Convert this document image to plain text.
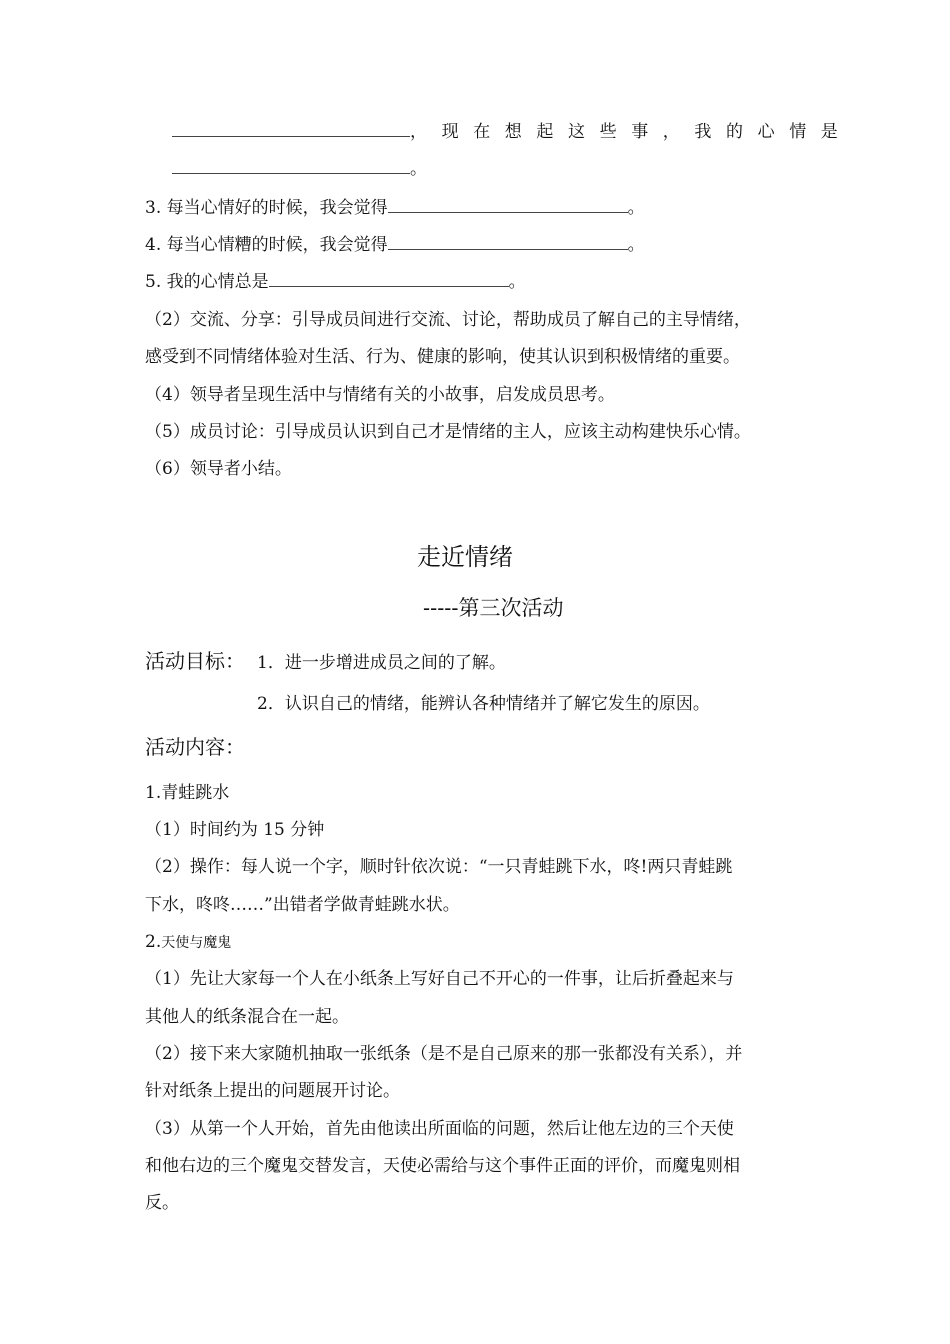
，现在想起这些事，我的心情是
。
3. 每当心情好的时候，我会觉得	。
4. 每当心情糟的时候，我会觉得	。
5. 我的心情总是	。
（2）交流、分享：引导成员间进行交流、讨论，帮助成员了解自己的主导情绪，
感受到不同情绪体验对生活、行为、健康的影响，使其认识到积极情绪的重要。
（4）领导者呈现生活中与情绪有关的小故事，启发成员思考。
（5）成员讨论：引导成员认识到自己才是情绪的主人，应该主动构建快乐心情。
（6）领导者小结。
走近情绪
-----第三次活动
活动目标： 1．进一步增进成员之间的了解。
2．认识自己的情绪，能辨认各种情绪并了解它发生的原因。
活动内容：
1.青蛙跳水
（1）时间约为 15 分钟
（2）操作：每人说一个字，顺时针依次说：“一只青蛙跳下水，咚!两只青蛙跳
下水，咚咚……”出错者学做青蛙跳水状。
2.天使与魔鬼
（1）先让大家每一个人在小纸条上写好自己不开心的一件事，让后折叠起来与
其他人的纸条混合在一起。
（2）接下来大家随机抽取一张纸条（是不是自己原来的那一张都没有关系），并
针对纸条上提出的问题展开讨论。
（3）从第一个人开始，首先由他读出所面临的问题，然后让他左边的三个天使
和他右边的三个魔鬼交替发言，天使必需给与这个事件正面的评价，而魔鬼则相
反。
